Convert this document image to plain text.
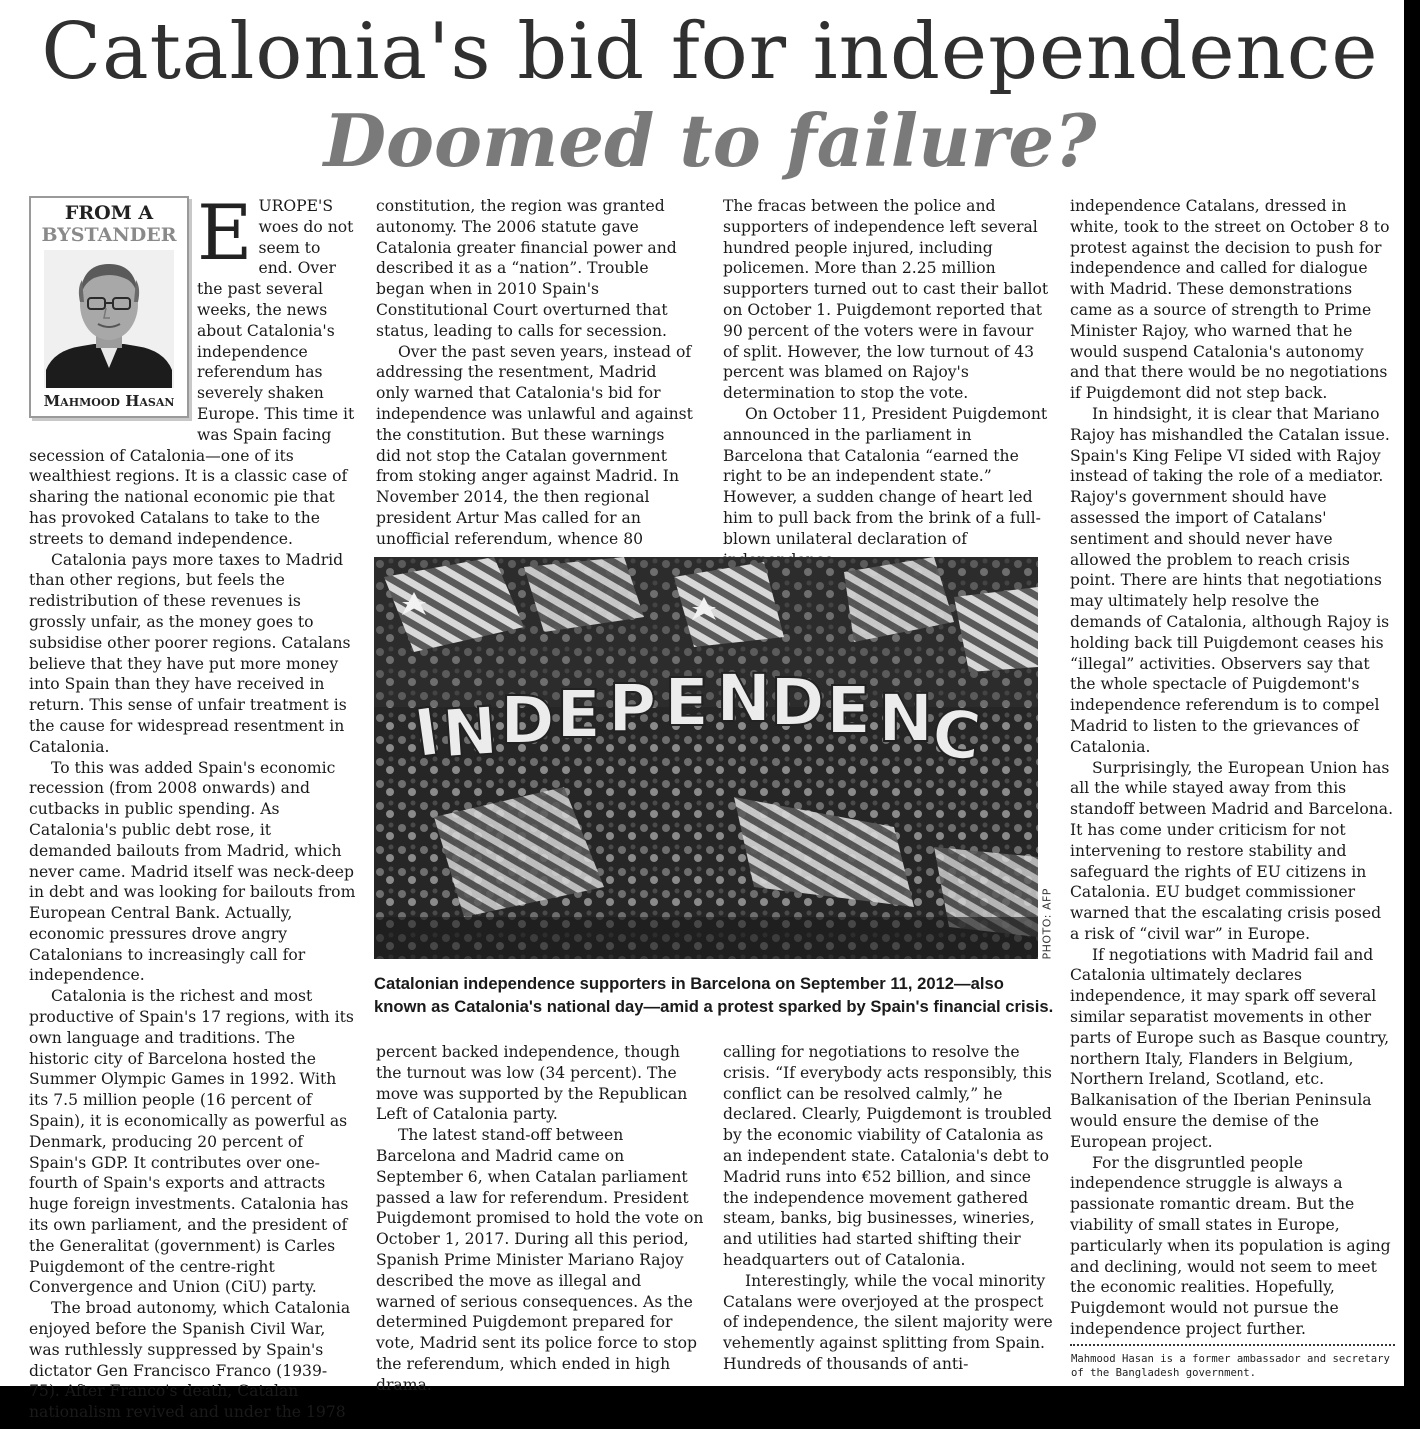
Catalonia's bid for independence
Doomed to failure?
FROM A
BYSTANDER
Mahmood Hasan

EUROPE'S woes do not seem to end. Over the past several weeks, the news about Catalonia's independence referendum has severely shaken Europe. This time it was Spain facing secession of Catalonia—one of its wealthiest regions. It is a classic case of sharing the national economic pie that has provoked Catalans to take to the streets to demand independence.

Catalonia pays more taxes to Madrid than other regions, but feels the redistribution of these revenues is grossly unfair, as the money goes to subsidise other poorer regions. Catalans believe that they have put more money into Spain than they have received in return. This sense of unfair treatment is the cause for widespread resentment in Catalonia.

To this was added Spain's economic recession (from 2008 onwards) and cutbacks in public spending. As Catalonia's public debt rose, it demanded bailouts from Madrid, which never came. Madrid itself was neck-deep in debt and was looking for bailouts from European Central Bank. Actually, economic pressures drove angry Catalonians to increasingly call for independence.

Catalonia is the richest and most productive of Spain's 17 regions, with its own language and traditions. The historic city of Barcelona hosted the Summer Olympic Games in 1992. With its 7.5 million people (16 percent of Spain), it is economically as powerful as Denmark, producing 20 percent of Spain's GDP. It contributes over one-fourth of Spain's exports and attracts huge foreign investments. Catalonia has its own parliament, and the president of the Generalitat (government) is Carles Puigdemont of the centre-right Convergence and Union (CiU) party.

The broad autonomy, which Catalonia enjoyed before the Spanish Civil War, was ruthlessly suppressed by Spain's dictator Gen Francisco Franco (1939-75). After Franco's death, Catalan nationalism revived and under the 1978

constitution, the region was granted autonomy. The 2006 statute gave Catalonia greater financial power and described it as a “nation”. Trouble began when in 2010 Spain's Constitutional Court overturned that status, leading to calls for secession.

Over the past seven years, instead of addressing the resentment, Madrid only warned that Catalonia's bid for independence was unlawful and against the constitution. But these warnings did not stop the Catalan government from stoking anger against Madrid. In November 2014, the then regional president Artur Mas called for an unofficial referendum, whence 80

The fracas between the police and supporters of independence left several hundred people injured, including policemen. More than 2.25 million supporters turned out to cast their ballot on October 1. Puigdemont reported that 90 percent of the voters were in favour of split. However, the low turnout of 43 percent was blamed on Rajoy's determination to stop the vote.

On October 11, President Puigdemont announced in the parliament in Barcelona that Catalonia “earned the right to be an independent state.” However, a sudden change of heart led him to pull back from the brink of a full-blown unilateral declaration of

I
N D E P E N
D E N
C
PHOTO: AFP

Catalonian independence supporters in Barcelona on September 11, 2012—also known as Catalonia's national day—amid a protest sparked by Spain's financial crisis.

percent backed independence, though the turnout was low (34 percent). The move was supported by the Republican Left of Catalonia party.

The latest stand-off between Barcelona and Madrid came on September 6, when Catalan parliament passed a law for referendum. President Puigdemont promised to hold the vote on October 1, 2017. During all this period, Spanish Prime Minister Mariano Rajoy described the move as illegal and warned of serious consequences. As the determined Puigdemont prepared for vote, Madrid sent its police force to stop the referendum, which ended in high drama.

calling for negotiations to resolve the crisis. “If everybody acts responsibly, this conflict can be resolved calmly,” he declared. Clearly, Puigdemont is troubled by the economic viability of Catalonia as an independent state. Catalonia's debt to Madrid runs into €52 billion, and since the independence movement gathered steam, banks, big businesses, wineries, and utilities had started shifting their headquarters out of Catalonia.

Interestingly, while the vocal minority Catalans were overjoyed at the prospect of independence, the silent majority were vehemently against splitting from Spain. Hundreds of thousands of anti-

independence Catalans, dressed in white, took to the street on October 8 to protest against the decision to push for independence and called for dialogue with Madrid. These demonstrations came as a source of strength to Prime Minister Rajoy, who warned that he would suspend Catalonia's autonomy and that there would be no negotiations if Puigdemont did not step back.

In hindsight, it is clear that Mariano Rajoy has mishandled the Catalan issue. Spain's King Felipe VI sided with Rajoy instead of taking the role of a mediator. Rajoy's government should have assessed the import of Catalans' sentiment and should never have allowed the problem to reach crisis point. There are hints that negotiations may ultimately help resolve the demands of Catalonia, although Rajoy is holding back till Puigdemont ceases his “illegal” activities. Observers say that the whole spectacle of Puigdemont's independence referendum is to compel Madrid to listen to the grievances of Catalonia.

Surprisingly, the European Union has all the while stayed away from this standoff between Madrid and Barcelona. It has come under criticism for not intervening to restore stability and safeguard the rights of EU citizens in Catalonia. EU budget commissioner warned that the escalating crisis posed a risk of “civil war” in Europe.

If negotiations with Madrid fail and Catalonia ultimately declares independence, it may spark off several similar separatist movements in other parts of Europe such as Basque country, northern Italy, Flanders in Belgium, Northern Ireland, Scotland, etc. Balkanisation of the Iberian Peninsula would ensure the demise of the European project.

For the disgruntled people independence struggle is always a passionate romantic dream. But the viability of small states in Europe, particularly when its population is aging and declining, would not seem to meet the economic realities. Hopefully, Puigdemont would not pursue the independence project further.

Mahmood Hasan is a former ambassador and secretary of the Bangladesh government.
